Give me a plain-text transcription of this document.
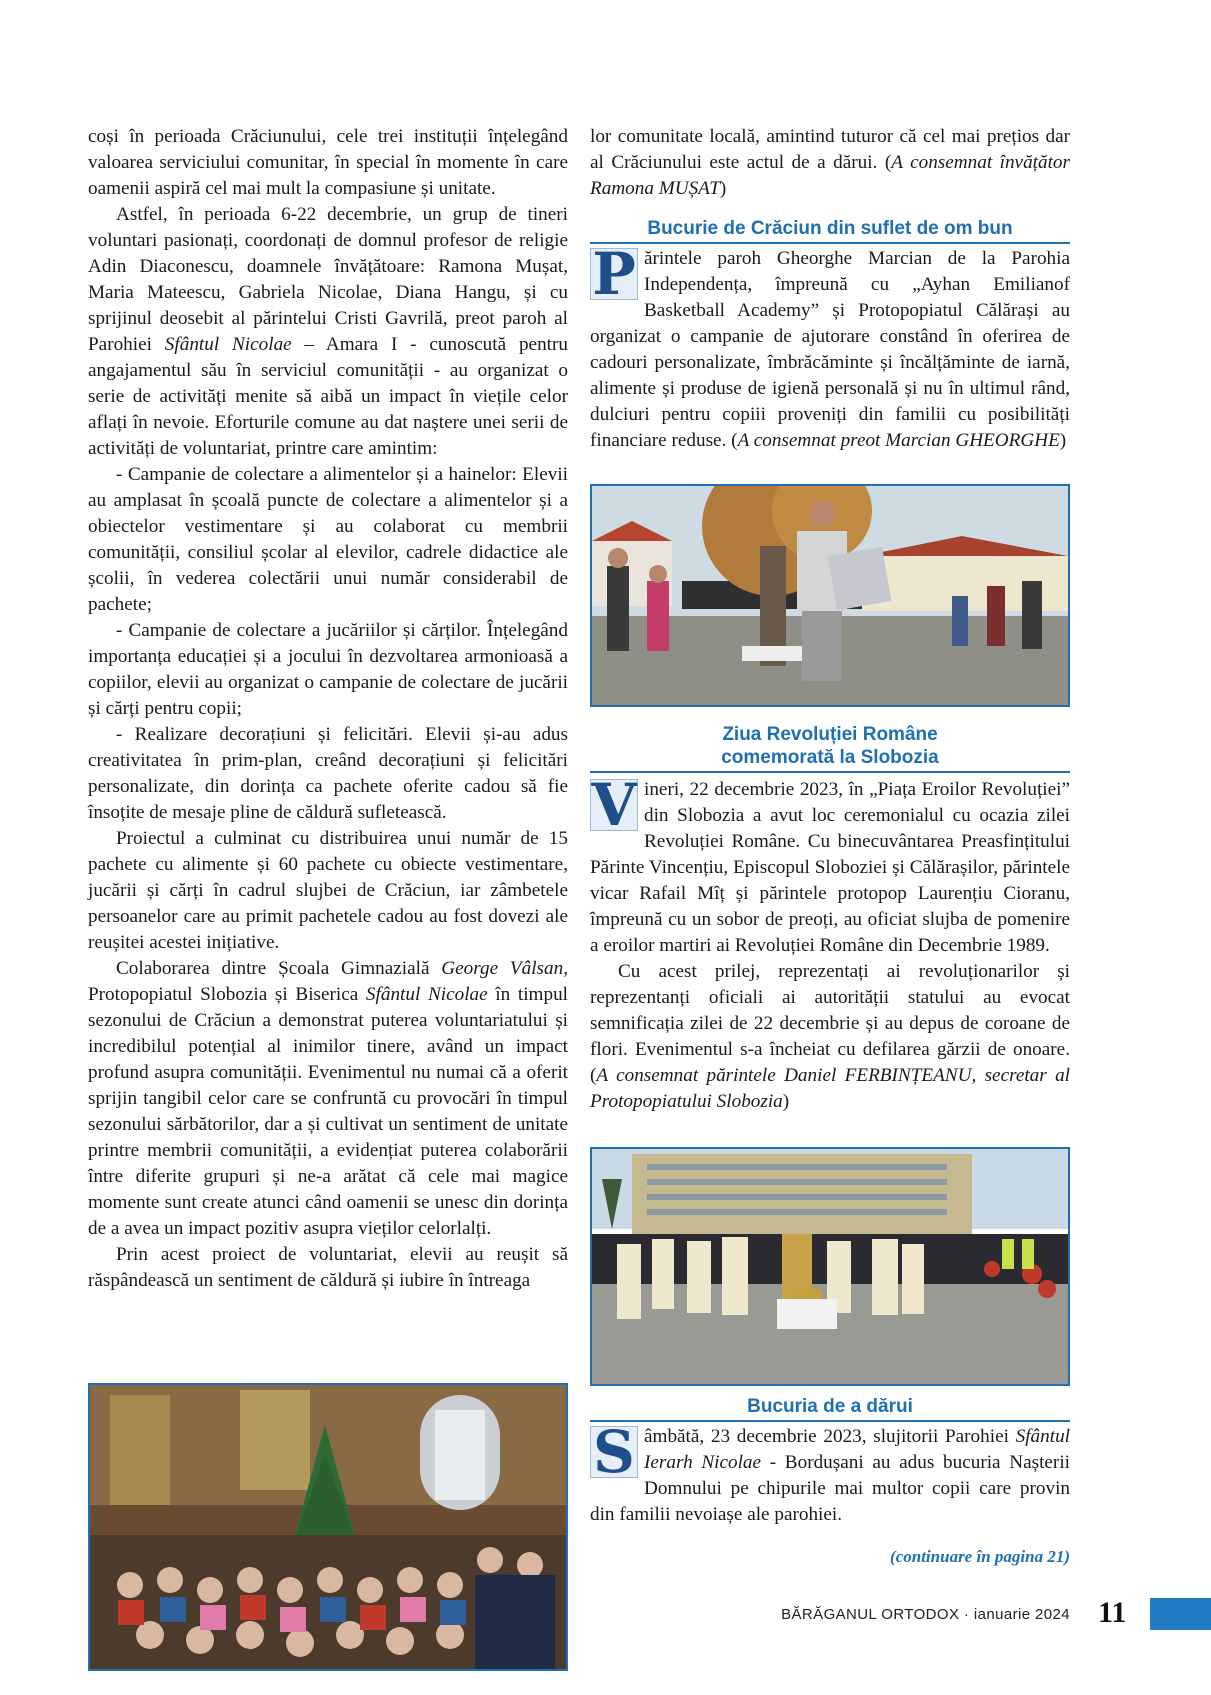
coși în perioada Crăciunului, cele trei instituții înțelegând valoarea serviciului comunitar, în special în momente în care oamenii aspiră cel mai mult la compasiune și unitate.

Astfel, în perioada 6-22 decembrie, un grup de tineri voluntari pasionați, coordonați de domnul profesor de religie Adin Diaconescu, doamnele învățătoare: Ramona Mușat, Maria Mateescu, Gabriela Nicolae, Diana Hangu, și cu sprijinul deosebit al părintelui Cristi Gavrilă, preot paroh al Parohiei Sfântul Nicolae – Amara I - cunoscută pentru angajamentul său în serviciul comunității - au organizat o serie de activități menite să aibă un impact în viețile celor aflați în nevoie. Eforturile comune au dat naștere unei serii de activități de voluntariat, printre care amintim:

- Campanie de colectare a alimentelor și a hainelor: Elevii au amplasat în școală puncte de colectare a alimentelor și a obiectelor vestimentare și au colaborat cu membrii comunității, consiliul școlar al elevilor, cadrele didactice ale școlii, în vederea colectării unui număr considerabil de pachete;

- Campanie de colectare a jucăriilor și cărților. Înțelegând importanța educației și a jocului în dezvoltarea armonioasă a copiilor, elevii au organizat o campanie de colectare de jucării și cărți pentru copii;

- Realizare decorațiuni și felicitări. Elevii și-au adus creativitatea în prim-plan, creând decorațiuni și felicitări personalizate, din dorința ca pachete oferite cadou să fie însoțite de mesaje pline de căldură sufletească.

Proiectul a culminat cu distribuirea unui număr de 15 pachete cu alimente și 60 pachete cu obiecte vestimentare, jucării și cărți în cadrul slujbei de Crăciun, iar zâmbetele persoanelor care au primit pachetele cadou au fost dovezi ale reușitei acestei inițiative.

Colaborarea dintre Școala Gimnazială George Vâlsan, Protopopiatul Slobozia și Biserica Sfântul Nicolae în timpul sezonului de Crăciun a demonstrat puterea voluntariatului și incredibilul potențial al inimilor tinere, având un impact profund asupra comunității. Evenimentul nu numai că a oferit sprijin tangibil celor care se confruntă cu provocări în timpul sezonului sărbătorilor, dar a și cultivat un sentiment de unitate printre membrii comunității, a evidențiat puterea colaborării între diferite grupuri și ne-a arătat că cele mai magice momente sunt create atunci când oamenii se unesc din dorința de a avea un impact pozitiv asupra vieților celorlalți.

Prin acest proiect de voluntariat, elevii au reușit să răspândească un sentiment de căldură și iubire în întreaga

lor comunitate locală, amintind tuturor că cel mai prețios dar al Crăciunului este actul de a dărui. (A consemnat învățător Ramona MUȘAT)

Bucurie de Crăciun din suflet de om bun

P ărintele paroh Gheorghe Marcian de la Parohia Independența, împreună cu „Ayhan Emilianof Basketball Academy” și Protopopiatul Călărași au organizat o campanie de ajutorare constând în oferirea de cadouri personalizate, îmbrăcăminte și încălțăminte de iarnă, alimente și produse de igienă personală și nu în ultimul rând, dulciuri pentru copiii proveniți din familii cu posibilități financiare reduse. (A consemnat preot Marcian GHEORGHE)

Ziua Revoluției Române
comemorată la Slobozia

V ineri, 22 decembrie 2023, în „Piața Eroilor Revoluției” din Slobozia a avut loc ceremonialul cu ocazia zilei Revoluției Române. Cu binecuvântarea Preasfințitului Părinte Vincențiu, Episcopul Sloboziei și Călărașilor, părintele vicar Rafail Mîț și părintele protopop Laurențiu Cioranu, împreună cu un sobor de preoți, au oficiat slujba de pomenire a eroilor martiri ai Revoluției Române din Decembrie 1989.

Cu acest prilej, reprezentați ai revoluționarilor și reprezentanți oficiali ai autorității statului au evocat semnificația zilei de 22 decembrie și au depus de coroane de flori. Evenimentul s-a încheiat cu defilarea gărzii de onoare. (A consemnat părintele Daniel FERBINȚEANU, secretar al Protopopiatului Slobozia)

Bucuria de a dărui

S âmbătă, 23 decembrie 2023, slujitorii Parohiei Sfântul Ierarh Nicolae - Bordușani au adus bucuria Nașterii Domnului pe chipurile mai multor copii care provin din familii nevoiașe ale parohiei.

(continuare în pagina 21)
BĂRĂGANUL ORTODOX · ianuarie 2024 11
